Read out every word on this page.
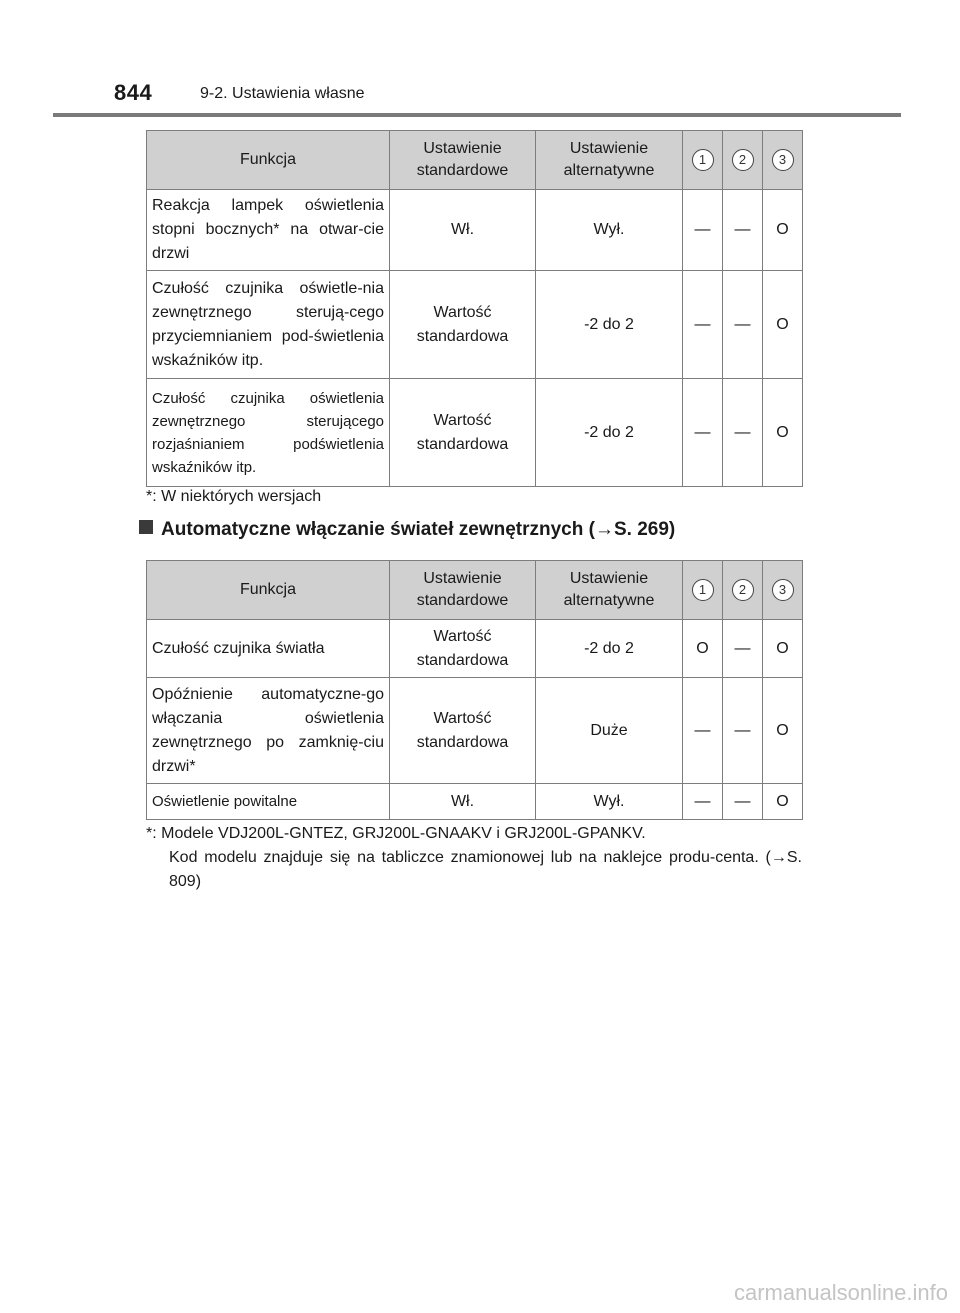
844	9-2. Ustawienia własne
Funkcja	Ustawienie standardowe	Ustawienie alternatywne	1	2	3
Reakcja lampek oświetlenia stopni bocznych* na otwar-cie drzwi	Wł.	Wył.	—	—	O
Czułość czujnika oświetle-nia zewnętrznego sterują-cego przyciemnianiem pod-świetlenia wskaźników itp.	Wartość standardowa	-2 do 2	—	—	O
Czułość czujnika oświetlenia zewnętrznego sterującego rozjaśnianiem podświetlenia wskaźników itp.	Wartość standardowa	-2 do 2	—	—	O
*: W niektórych wersjach
Automatyczne włączanie świateł zewnętrznych (→S. 269)
Funkcja	Ustawienie standardowe	Ustawienie alternatywne	1	2	3
Czułość czujnika światła	Wartość standardowa	-2 do 2	O	—	O
Opóźnienie automatyczne-go włączania oświetlenia zewnętrznego po zamknię-ciu drzwi*	Wartość standardowa	Duże	—	—	O
Oświetlenie powitalne	Wł.	Wył.	—	—	O
*: Modele VDJ200L-GNTEZ, GRJ200L-GNAAKV i GRJ200L-GPANKV.
Kod modelu znajduje się na tabliczce znamionowej lub na naklejce produ-centa. (→S. 809)
carmanualsonline.info
